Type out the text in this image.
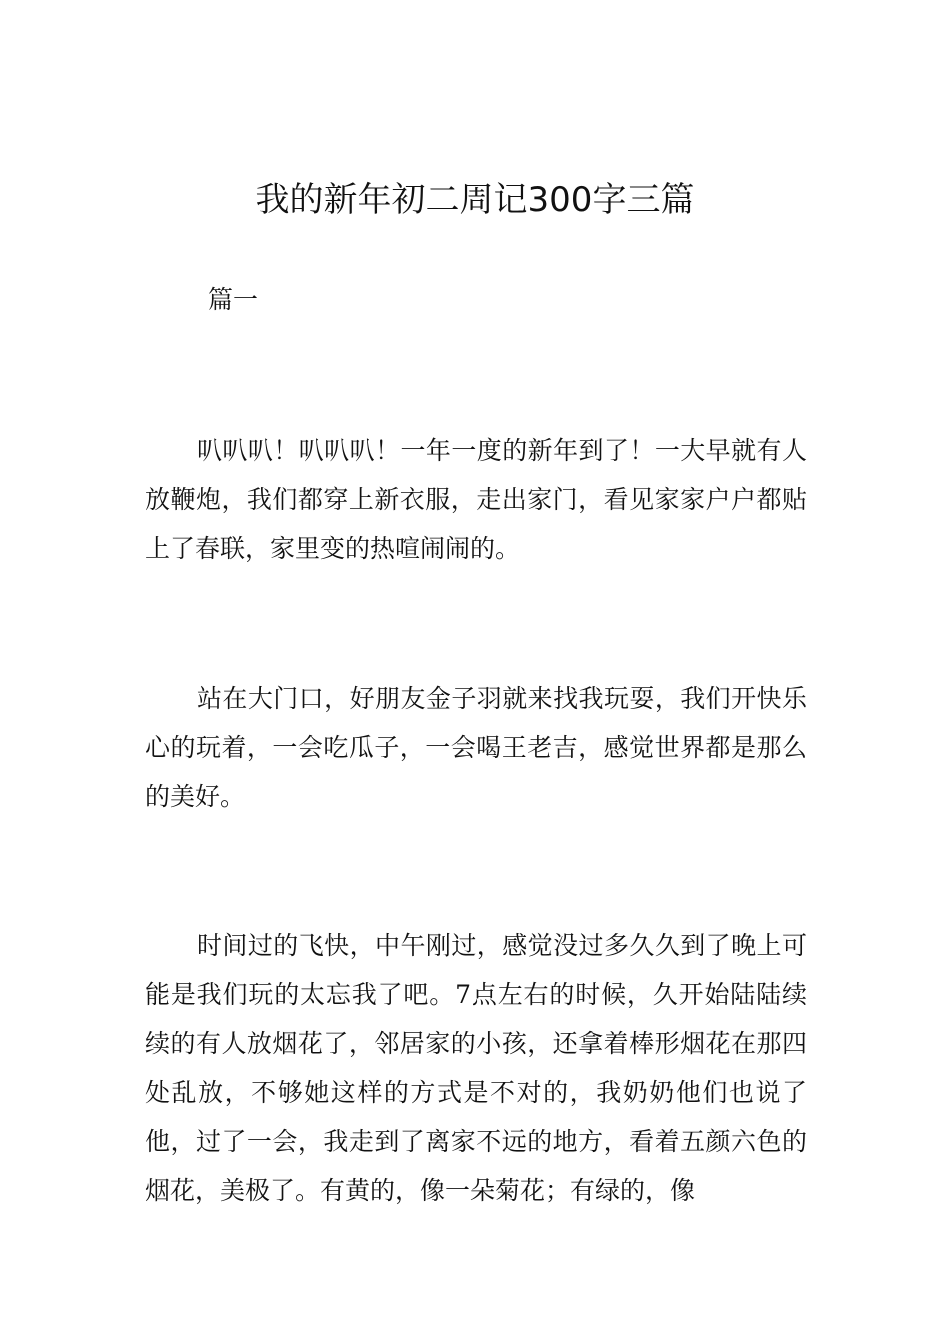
我的新年初二周记300字三篇
篇一

叭叭叭！叭叭叭！一年一度的新年到了！一大早就有人放鞭炮，我们都穿上新衣服，走出家门，看见家家户户都贴上了春联，家里变的热喧闹闹的。

站在大门口，好朋友金子羽就来找我玩耍，我们开快乐心的玩着，一会吃瓜子，一会喝王老吉，感觉世界都是那么的美好。

时间过的飞快，中午刚过，感觉没过多久久到了晚上可能是我们玩的太忘我了吧。7点左右的时候，久开始陆陆续续的有人放烟花了，邻居家的小孩，还拿着棒形烟花在那四处乱放，不够她这样的方式是不对的，我奶奶他们也说了他，过了一会，我走到了离家不远的地方，看着五颜六色的烟花，美极了。有黄的，像一朵菊花；有绿的，像
